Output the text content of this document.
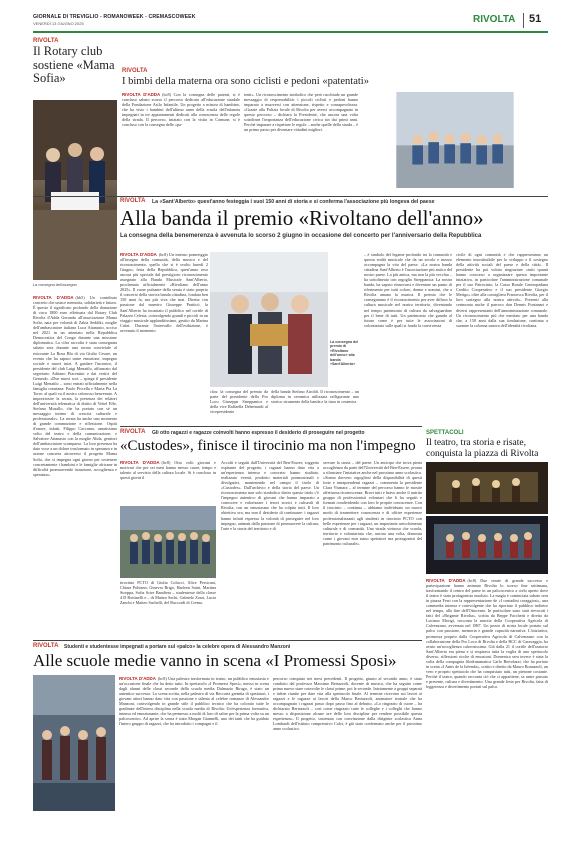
GIORNALE DI TREVIGLIO - ROMANOWEEK - CREMASCOWEEK
VENERDÌ 13 GIUGNO 2025	RIVOLTA 51
RIVOLTA
Il Rotary club sostiene «Mama Sofia»	RIVOLTA
I bimbi della materna ora sono ciclisti e pedoni «patentati»
La consegna dell'assegno

RIVOLTA D'ADDA (bc8) Con la consegna delle patenti, si è concluso sabato scorso il percorso dedicato all'educazione stradale della Fondazione Asilo Infantile. Un progetto a misura di bambino, che ha visto i bambini dell'ultimo anno della scuola dell'infanzia impegnati in tre appuntamenti dedicati alla conoscenza delle regole della strada. Il percorso, iniziato con la visita in Comune, si è concluso con la consegna delle «pa-

tenti». Un riconoscimento simbolico che però racchiude un grande messaggio di responsabilità: i piccoli ciclisti e pedoni hanno imparato a muoversi con attenzione, rispetto e consapevolezza. «Grazie alla Polizia locale di Rivolta per averci accompagnato in questo percorso – dichiara la Presidente, che ancora una volta sottolinea l'importanza dell'educazione civica sin dai primi anni. Perché imparare a rispettare le regole – anche quelle della strada – è un primo passo per diventare cittadini migliori.

RIVOLTA La «Sant'Alberto» quest'anno festeggia i suoi 150 anni di storia e si conferma l'associazione più longeva del paese
Alla banda il premio «Rivoltano dell'anno»
La consegna della benemerenza è avvenuta lo scorso 2 giugno in occasione del concerto per l'anniversario della Repubblica

RIVOLTA D'ADDA (bc8) Un intenso pomeriggio all'insegna della comunità, della musica e del riconoscimento, quello che si è svolto lunedì 2 Giugno, festa della Repubblica, quest'anno reso ancora più speciale dal prestigioso riconoscimento assegnato alla Banda Musicale Sant'Alberto, proclamata ufficialmente «Rivoltano dell'anno 2025». Il cuore pulsante della serata è stato proprio il concerto della storica banda cittadina, fondata ben 150 anni fa, ma più viva che mai. Diretta con passione dal maestro Giuseppe Pratticò, la Sant'Alberto ha incantato il pubblico nel cortile di Palazzo Celesia, coinvolgendo grandi e piccoli in un viaggio musicale applauditissimo, gestito da Marina Cabri. Durante l'intervallo dell'esibizione, è avvenuto il momento

La consegna del premio di «Rivoltano dell'anno» alla banda «Sant'Alberto»

clou: la consegna del premio da parte del presidente della Pro Loco Giuseppe Streppanica e della vice Raffaella Debernardi al vicepresidente

della banda Stefano Airoldi. Il riconoscimento – un diploma in ceramica utilizzata raffigurante uno storico strumento della banda e la tiara in ceramica

– è simbolo del legame profondo tra la comunità e questa realtà musicale che da un secolo e mezzo accompagna la vita del paese. «La nostra banda cittadina Sant'Alberto è l'associazione più antica del nostro paese. La più antica, ma non la più vecchia – ha sottolineato con orgoglio Streppanica. La nostra banda, ha saputo rinnovarsi e diventare un punto di riferimento per tutti coloro, donne e uomini, che a Rivolta amano la musica. Il premio che le consegniamo è il riconoscimento per aver diffuso la cultura musicale nel nostro territorio, diventando nel tempo patrimonio di cultura da salvaguardare per il bene di tutti. Un patrimonio che guarda al futuro come è per tutte le associazioni di volontariato sulle quali si fonda la convivenza

civile di ogni comunità e che rappresentano un elemento insostituibile per lo sviluppo e il sostegno della attività sociali del paese e della città». Il presidente ha poi voluto ringraziare «tutti quanti hanno concorso a organizzare questa importante iniziativa, in particolare l'amministrazione comunale per il suo Patrocinio, la Cassa Rurale Centropadana Credito Cooperativo e il suo presidente Giorgio Merigo» oltre alla consigliera Francesca Rivolta, per il loro sostegno alla nostra attività». Presenti alla cerimonia anche il parroco don Dennis Fontanari e diversi rappresentanti dell'amministrazione comunale. Un riconoscimento più che meritato per una banda che, a 150 anni dalla sua fondazione, continua a suonare la colonna sonora dell'identità rivoltana.

RIVOLTA D'ADDA (bb5) Un contributo concreto che unisce memoria, solidarietà e futuro. È questo il significato profondo della donazione di circa 1800 euro effettuata dal Rotary Club Rivolta d'Adda Gerundo all'associazione Mama Sofia, nata per volontà di Zakia Seddiki, moglie dell'ambasciatore italiano Luca Attanasio, ucciso nel 2021 in un attentato nella Repubblica Democratica del Congo durante una missione diplomatica. La cifra raccolta è stata consegnata sabato sera durante una serata conviviale al ristorante La Rosa Blu di via Giulio Cesare, un evento che ha saputo unire emozione, impegno sociale e nuovi inizi. A guidare l'incontro, il presidente del club Luigi Menatilo, affiancato dal segretario Adriano Piacentini e dai vertici del Gerundo. «Due nuovi soci – spiega il presidente Luigi Menatilo – sono entrati ufficialmente nella famiglia rotariana: Paolo Piscella e Maria Pia La Torre; al quali va il nostro calorosso benvenuto. A impreziosire la serata, la presenza dei relatori dell'università telematica di diritto di Vettel Effe, Stefano Musallo, che ha portato con sé un messaggio intimo di crescita culturale e professionale». La serata ha anche uno momento di grande commozione e riflessione. Ospiti d'onore, infatti, Filippo Caccamo, amatissimo volto del teatro e della comunicazione, e Salvatore Attanasio con la moglie Alida, genitori dell'ambasciatore scomparso. La loro presenza ha dato voce a un dolore trasformato in speranza e in azione concreta attraverso il progetto Mama Sofia, che si impegna ogni giorno per sostenere concretamente i bambini e le famiglie africane in difficoltà promuovendo istruzione, accoglienza e speranza».

RIVOLTA Gli otto ragazzi e ragazze coinvolti hanno espresso il desiderio di proseguire nel progetto
«Custodes», finisce il tirocinio ma non l'impegno

RIVOLTA D'ADDA (bc8) Otto volti giovani e motivati che per sei mesi hanno messo cuore, tempo e talento al servizio della cultura locale. Si è concluso in questi giorni il

tirocinio PCTO di Giulia Colucci, Alice Persicani, Chiara Politano, Ginevra Brigo, Harleen Saini, Martina Stroppa, Sofia Scire Bandiera – studentesse della classe 4 D Bottinelli e – di Matteo Sechi, Gabriele Zorzi, Lucia Zanchi e Matteo Sachelli, del Raccordi di Crema.

Accolti e seguiti dall'Università del Ben-Essere, soggetto ospitante del progetto, i ragazzi hanno dato vita a un'esperienza intensa e concreta: hanno studiato, realizzato eventi, prodotto materiali promozionali e divulgativi, mantenendo nel campo il titolo di «Custodes». Dall'archivio e della storia del paese. Un riconoscimento non solo simbolico dietro questo titolo c'è l'impegno autentico di giovani che hanno imparato a conoscere e valorizzare i tesori storici e culturali di Rivolta, con un entusiasmo che ha colpito tutti. Il loro obiettivo ora, ma non il desiderio di continuare: i ragazzi hanno infatti espresso la volontà di proseguire nel loro impegno, animati dalla passione di promuovere la cultura, l'arte e la storia del territorio e di

servare la storia – del paese. Un anticipo che trova piena accoglienza da parte dell'Università del Ben-Essere, pronta a rilanciare l'iniziativa anche nel prossimo anno scolastico. «Siamo davvero orgogliosi della disponibilità di questi forte e intraprendenti ragazzi – commenta la presidente Clara Vismara – al termine del percorso hanno le mostre affettuosa riconoscenza. Bravi tutti e bravo anche il nutrito gruppo di professionisti volontari che li ha seguiti e formati condividendo con loro le proprie conoscenze. Con il tirocinio – continua – abbiamo individuato un nuovo modo di trasmettere conoscenza e di offrire esperienze professionalizzanti agli studenti in tirocinio PCTO con belle esperienze per i ragazzi, un importante arricchimento culturale e di comunità. Una strada virtuosa che scuola, territorio e volontariato che, ancora una volta, dimostra come i giovani non siano spettatori ma protagonisti del patrimonio culturale».

SPETTACOLI
Il teatro, tra storia e risate, conquista la piazza di Rivolta

RIVOLTA D'ADDA (bc8) Due serate di grande successo e partecipazione hanno animato Rivolta lo scorso fine settimana, trasformando il centro del paese in un palcoscenico a cielo aperto dove il teatro è stato protagonista assoluto. La magia è cominciata sabato sera in piazza Ferri con la rappresentazione de «I contadini coraggiosi», una commedia intensa e coinvolgente che ha riportato il pubblico indietro nel tempo, alla fine dell'Ottocento. In particolare sono stati rievocati i fatti del «Brigante Rivolta», scritta da Beppe Facchetti e diretta da Luciano Morigi, racconta la nascita della Cooperativa Agricola di Calvenzano, avvenuta nel 1887. Un pezzo di storia locale portato sul palco con passione, memoria e grande capacità narrativa. L'iniziativa, promossa proprio dalla Cooperativa Agricola di Calvenzano con la collaborazione della Pro Loco di Rivolta e della BCC di Caravaggio, ha avuto un'accoglienza calorosissima. Già dalla 21 il cortile dell'oratorio Sant'Alberto era pieno e si respirava tutta la voglia di uno spettacolo diverso, riflessioni ricche di emozioni. Domenica sera invece è stata la volta della compagnia filodrammatica Carlo Bertolazzi, che ha portato in scena «I Amis de la Isèenda», scritto e diretto da Mauro Bonazzoli, un vero e proprio spettacolo che ha conquistato tutti, un pienone costante. Perché il teatro, quando racconta ciò che ci appartiene, sa unire passato e presente, cultura e divertimento. Una grande festa per Rivolta, fatta di leggerezza e divertimento portati sul palco.

RIVOLTA Studenti e studentesse impegnati a portare sul «palco» la celebre opera di Alessandro Manzoni
Alle scuole medie vanno in scena «I Promessi Sposi»

RIVOLTA D'ADDA (bc8) Una palestra trasformata in teatro, un pubblico entusiasta e un'occasione finale che ha detto tutto. In spettacolo «I Promessi Sposi», messo in scena dagli alunni delle classi seconde della scuola media Dalmazio Birago, è stato un autentico successo. La scena scritta, nella palestra di via Beccaria gremita di spettatori, i giovani attori hanno dato vita con passione e talento al celebre romanzo di Alessandro Manzoni, coinvolgendo in grande stile il pubblico tecnico che ha colorato tutte le gradinate dell'intera disciplina nella scuola media di Rivolta: Un'esperienza formativa, intensa ed emozionante, che ha permesso a molti di loro di salire per la prima volta su un palcoscenico. Ad aprire la scena è stato Morgan Giannelli, uno dei tanti che ha guidato l'intero gruppo di ragazzi, che ha introdotto i compagni e il

percorso compiuto nei mesi precedenti. Il progetto, giunto al secondo anno, è stato condotto dal professor Massimo Bertazzoli, docente di musica, che ha seguito come prima nuovo stare coinvolte le classi prime, poi le seconde. Iniziamente a gruppi separati e infine riunite per dare vita alla spettacolo finale. Al termine ricevono sui lavori ai ragazzi e le ragazze ai lavori della Marco Bertazzoli, animatore teatrale che ha accompagnato i ragazzi passo dopo passo fino al debutto. «Lo ringrazio di cuore – ha dichiarato Bertazzoli – così come ringrazio tutte le colleghe e i colleghi che hanno messo a disposizione alcune ore delle loro discipline per rendere possibile questa esperienza». Il progetto, sostenuto con convinzione dalla dirigente scolastica Anna Lombardi dell'istituto comprensivo Calvi, è già stato confermato anche per il prossimo anno scolastico.
